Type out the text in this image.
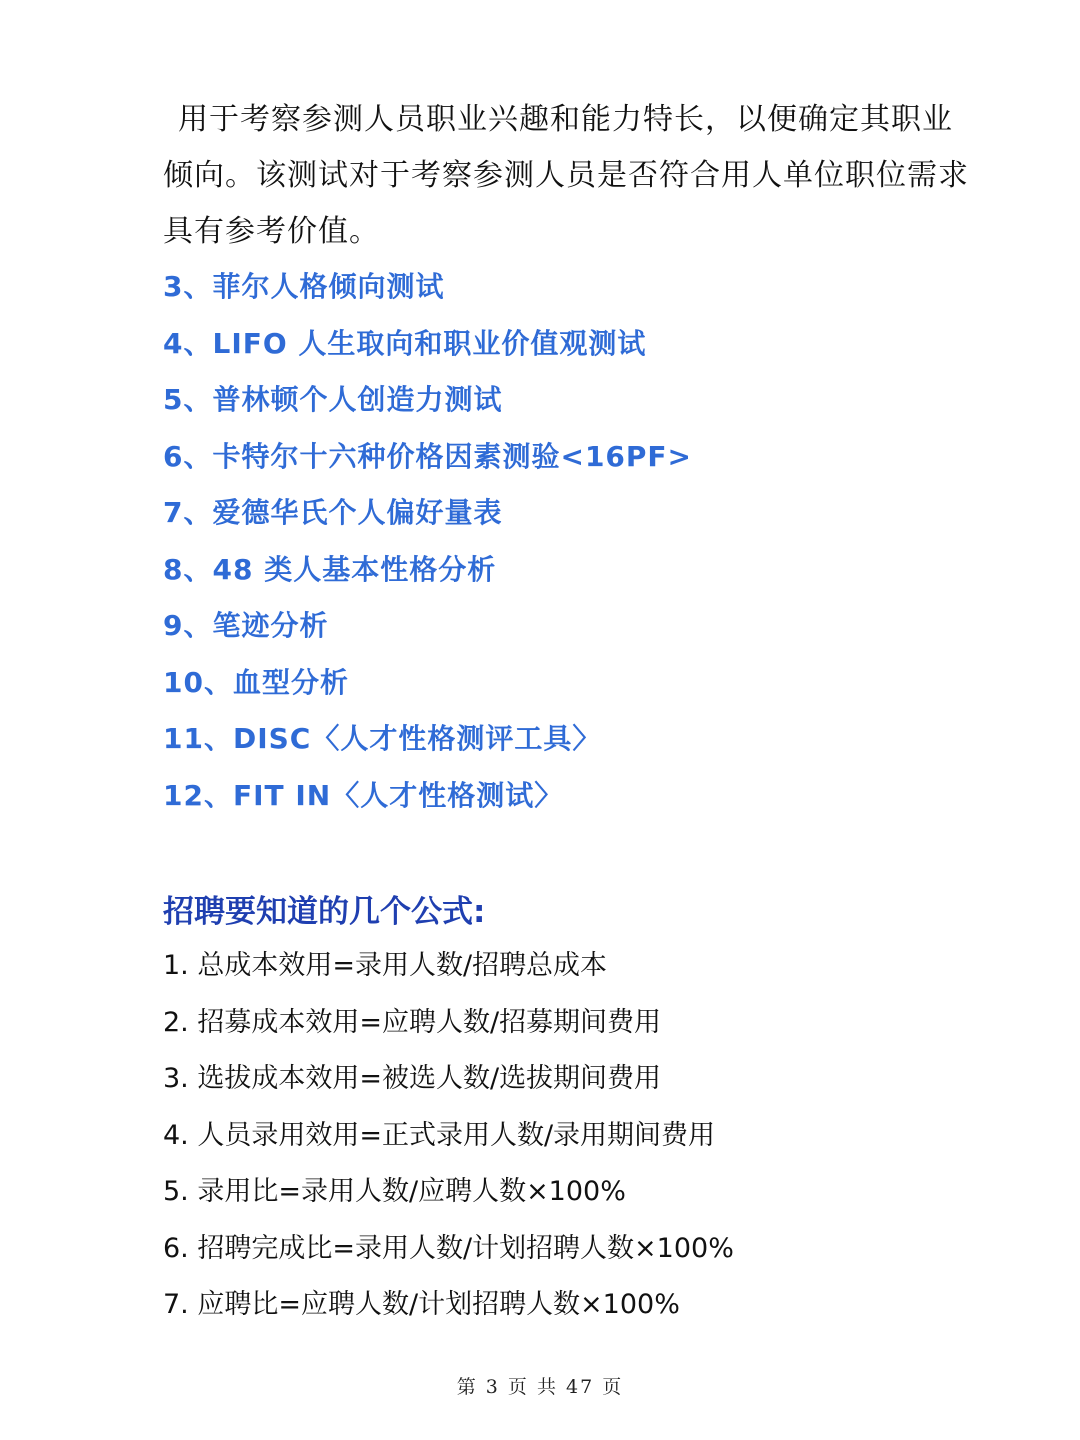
用于考察参测人员职业兴趣和能力特长，以便确定其职业
倾向。该测试对于考察参测人员是否符合用人单位职位需求
具有参考价值。

3、菲尔人格倾向测试
4、LIFO 人生取向和职业价值观测试
5、普林顿个人创造力测试
6、卡特尔十六种价格因素测验<16PF>
7、爱德华氏个人偏好量表
8、48 类人基本性格分析
9、笔迹分析
10、血型分析
11、DISC〈人才性格测评工具〉
12、FIT IN〈人才性格测试〉
招聘要知道的几个公式:
1. 总成本效用=录用人数/招聘总成本
2. 招募成本效用=应聘人数/招募期间费用
3. 选拔成本效用=被选人数/选拔期间费用
4. 人员录用效用=正式录用人数/录用期间费用
5. 录用比=录用人数/应聘人数×100%
6. 招聘完成比=录用人数/计划招聘人数×100%
7. 应聘比=应聘人数/计划招聘人数×100%

第 3 页 共 47 页
